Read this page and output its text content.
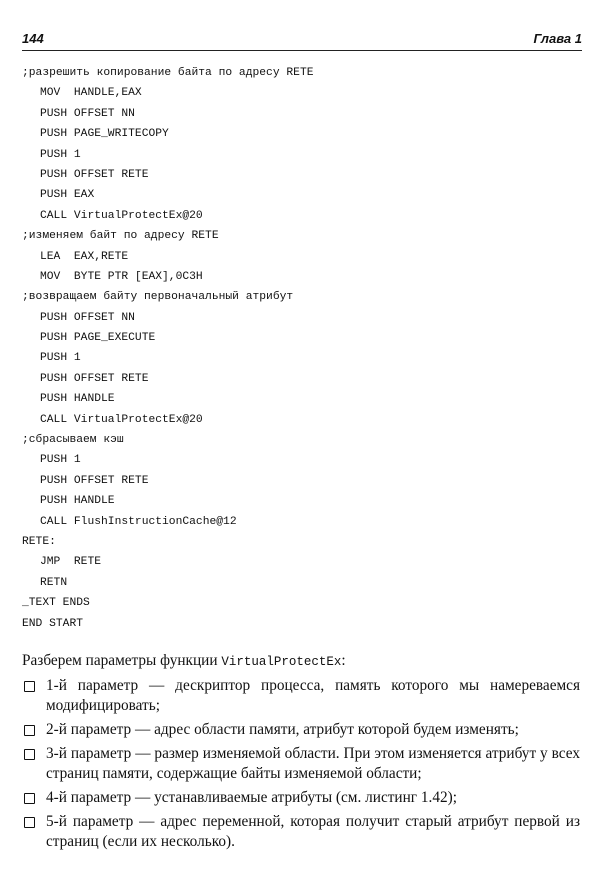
144	Глава 1
;разрешить копирование байта по адресу RETE
MOV  HANDLE,EAX
PUSH OFFSET NN
PUSH PAGE_WRITECOPY
PUSH 1
PUSH OFFSET RETE
PUSH EAX
CALL VirtualProtectEx@20
;изменяем байт по адресу RETE
LEA  EAX,RETE
MOV  BYTE PTR [EAX],0C3H
;возвращаем байту первоначальный атрибут
PUSH OFFSET NN
PUSH PAGE_EXECUTE
PUSH 1
PUSH OFFSET RETE
PUSH HANDLE
CALL VirtualProtectEx@20
;сбрасываем кэш
PUSH 1
PUSH OFFSET RETE
PUSH HANDLE
CALL FlushInstructionCache@12
RETE:
JMP  RETE
RETN
_TEXT ENDS
END START
Разберем параметры функции VirtualProtectEx:
1-й параметр — дескриптор процесса, память которого мы намереваемся модифицировать;
2-й параметр — адрес области памяти, атрибут которой будем изменять;
3-й параметр — размер изменяемой области. При этом изменяется атрибут у всех страниц памяти, содержащие байты изменяемой области;
4-й параметр — устанавливаемые атрибуты (см. листинг 1.42);
5-й параметр — адрес переменной, которая получит старый атрибут первой из страниц (если их несколько).
